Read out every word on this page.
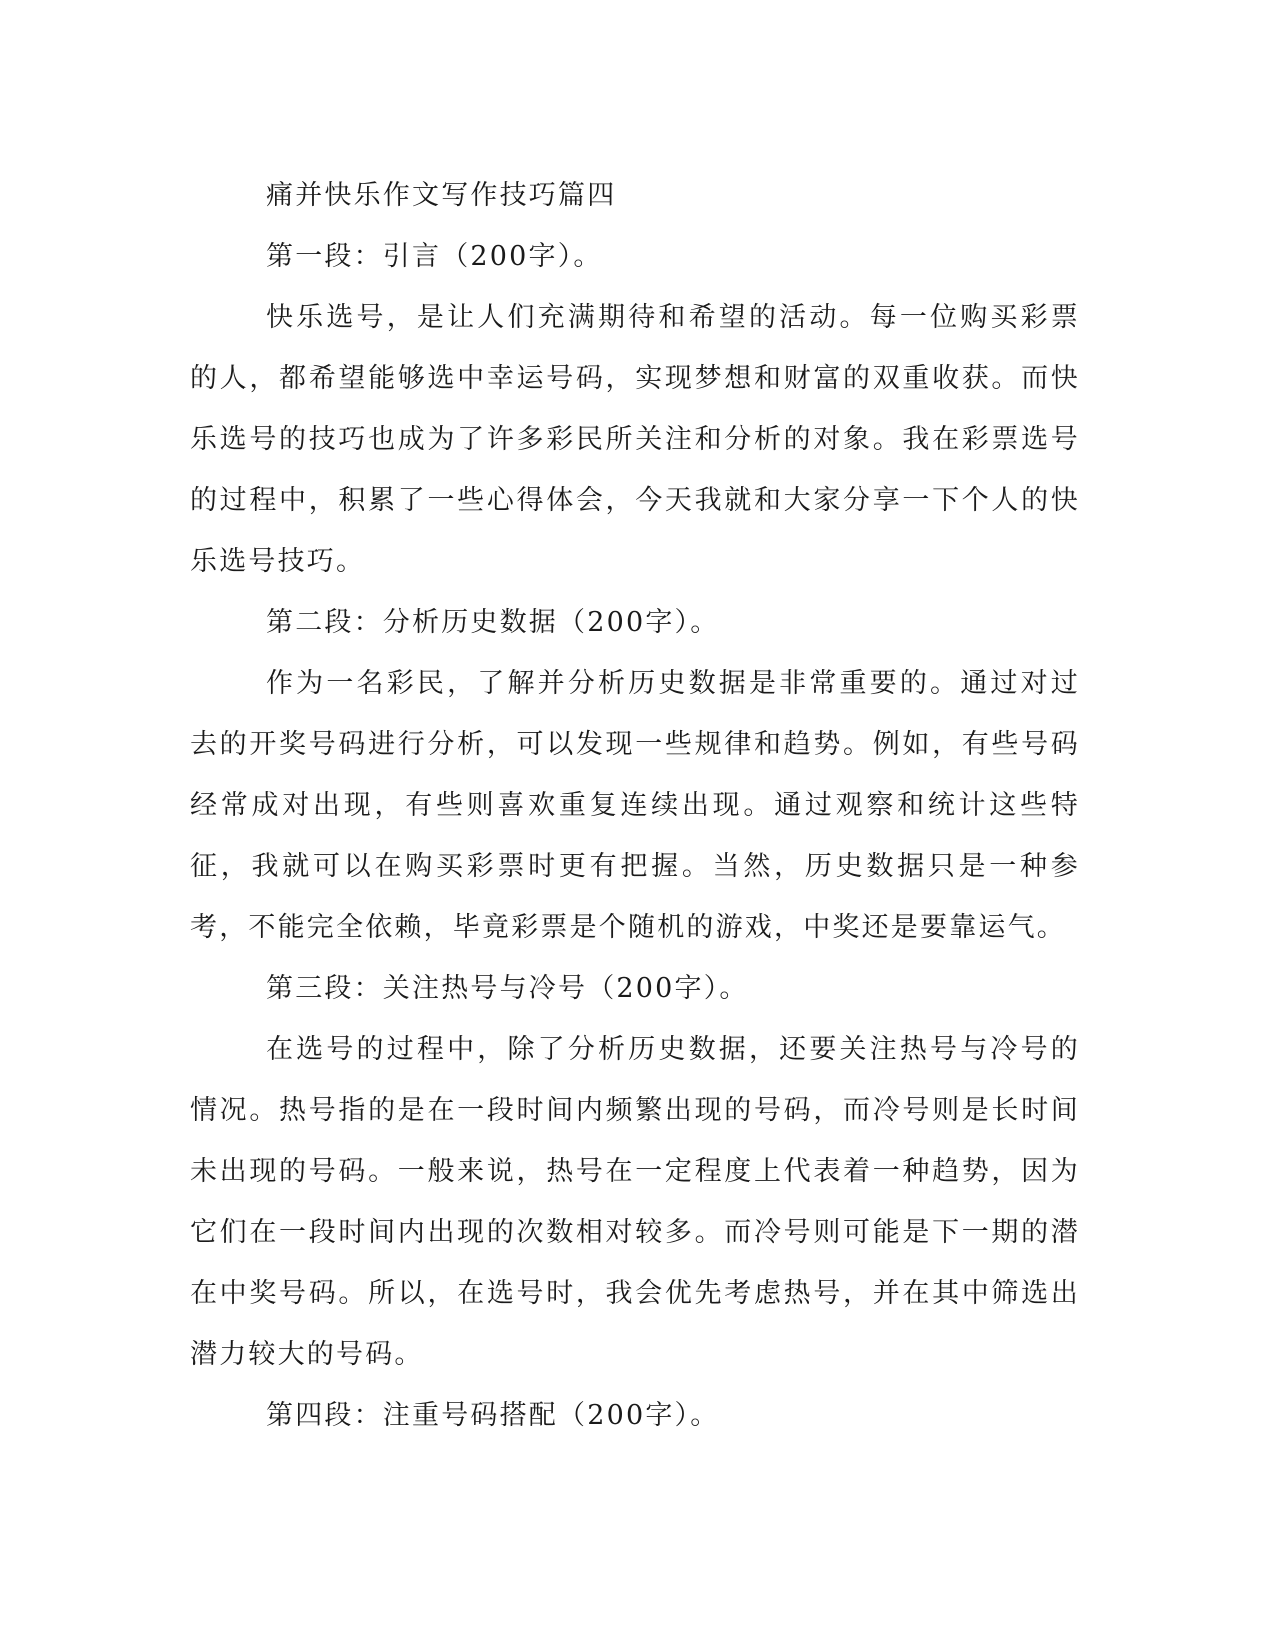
痛并快乐作文写作技巧篇四

第一段：引言（200字）。

快乐选号，是让人们充满期待和希望的活动。每一位购买彩票的人，都希望能够选中幸运号码，实现梦想和财富的双重收获。而快乐选号的技巧也成为了许多彩民所关注和分析的对象。我在彩票选号的过程中，积累了一些心得体会，今天我就和大家分享一下个人的快乐选号技巧。

第二段：分析历史数据（200字）。

作为一名彩民，了解并分析历史数据是非常重要的。通过对过去的开奖号码进行分析，可以发现一些规律和趋势。例如，有些号码经常成对出现，有些则喜欢重复连续出现。通过观察和统计这些特征，我就可以在购买彩票时更有把握。当然，历史数据只是一种参考，不能完全依赖，毕竟彩票是个随机的游戏，中奖还是要靠运气。

第三段：关注热号与冷号（200字）。

在选号的过程中，除了分析历史数据，还要关注热号与冷号的情况。热号指的是在一段时间内频繁出现的号码，而冷号则是长时间未出现的号码。一般来说，热号在一定程度上代表着一种趋势，因为它们在一段时间内出现的次数相对较多。而冷号则可能是下一期的潜在中奖号码。所以，在选号时，我会优先考虑热号，并在其中筛选出潜力较大的号码。

第四段：注重号码搭配（200字）。
